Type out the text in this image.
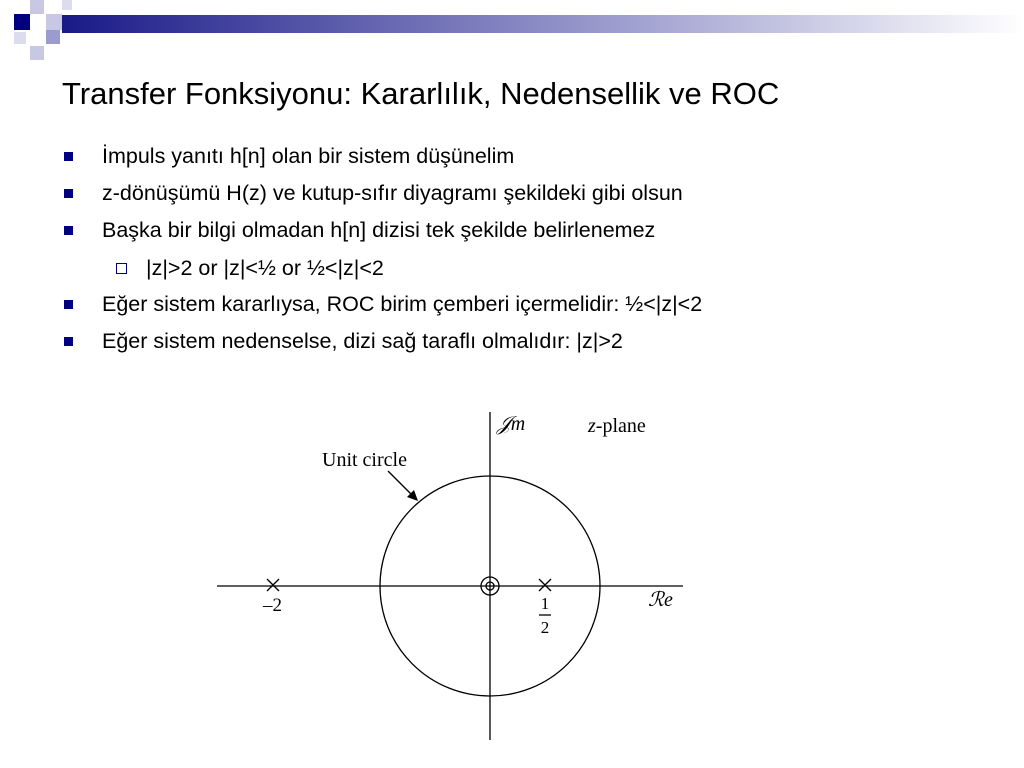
Transfer Fonksiyonu: Kararlılık, Nedensellik ve ROC
İmpuls yanıtı h[n] olan bir sistem düşünelim
z-dönüşümü H(z) ve kutup-sıfır diyagramı şekildeki gibi olsun
Başka bir bilgi olmadan h[n] dizisi tek şekilde belirlenemez
|z|>2 or |z|<½ or ½<|z|<2
Eğer sistem kararlıysa, ROC birim çemberi içermelidir: ½<|z|<2
Eğer sistem nedenselse, dizi sağ taraflı olmalıdır: |z|>2
𝒥m	z-plane
Unit circle
ℛe
–2	1
2
